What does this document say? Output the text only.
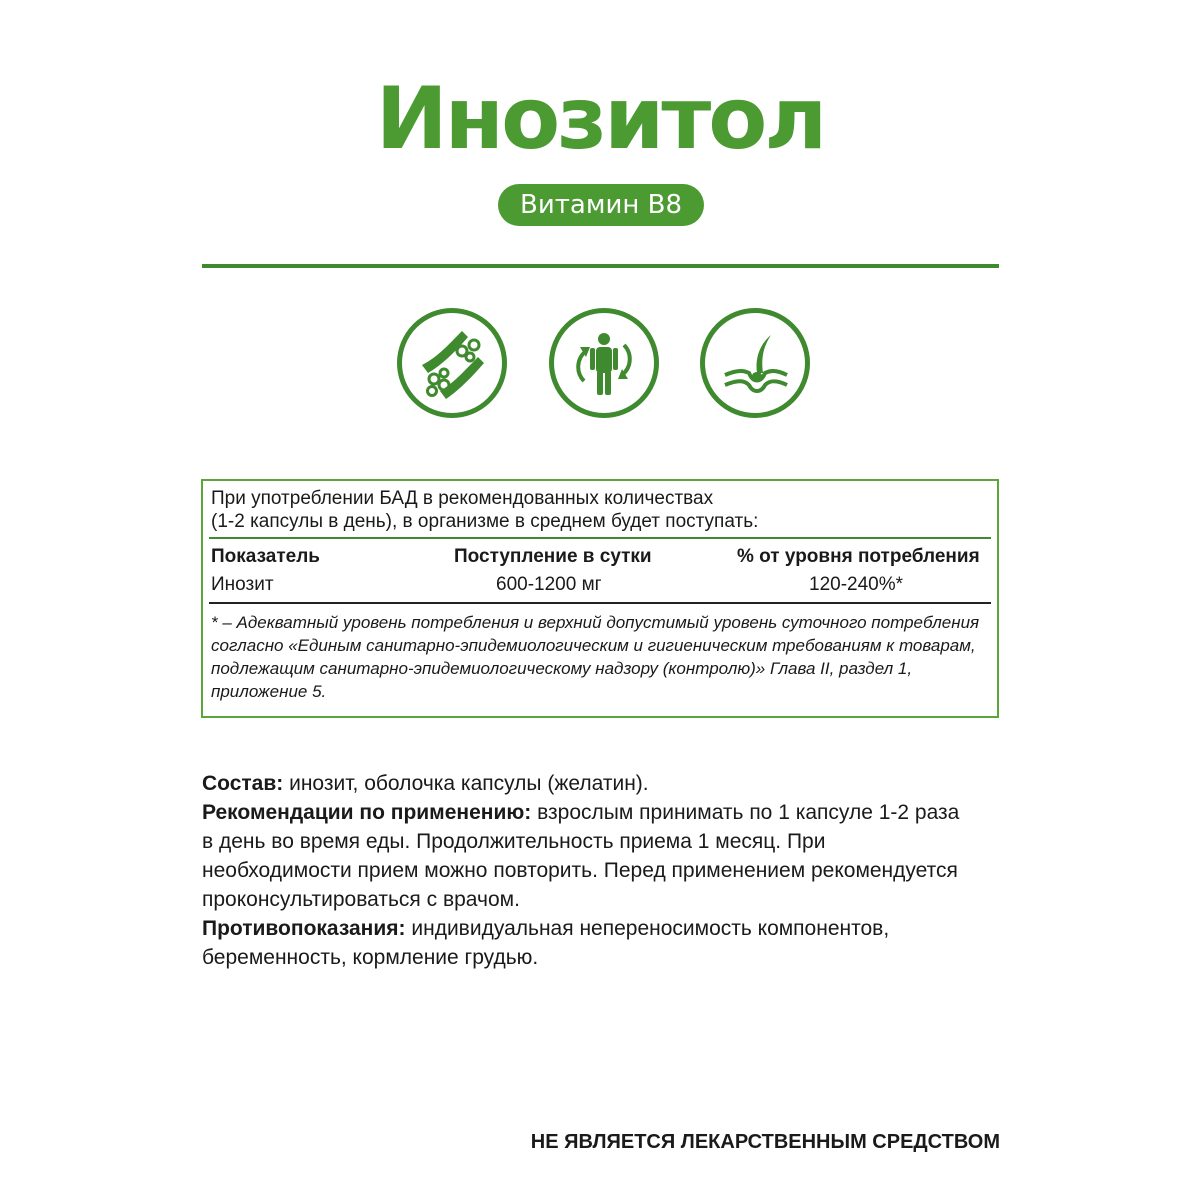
Инозитол
Витамин B8
При употреблении БАД в рекомендованных количествах
(1-2 капсулы в день), в организме в среднем будет поступать:
Показатель	Поступление в сутки	% от уровня потребления
Инозит	600-1200 мг	120-240%*
* – Адекватный уровень потребления и верхний допустимый уровень суточного потребления согласно «Единым санитарно-эпидемиологическим и гигиеническим требованиям к товарам, подлежащим санитарно-эпидемиологическому надзору (контролю)» Глава II, раздел 1, приложение 5.

Состав: инозит, оболочка капсулы (желатин).

Рекомендации по применению: взрослым принимать по 1 капсуле 1-2 раза в день во время еды. Продолжительность приема 1 месяц. При необходимости прием можно повторить. Перед применением рекомендуется проконсультироваться с врачом.

Противопоказания: индивидуальная непереносимость компонентов, беременность, кормление грудью.

НЕ ЯВЛЯЕТСЯ ЛЕКАРСТВЕННЫМ СРЕДСТВОМ
